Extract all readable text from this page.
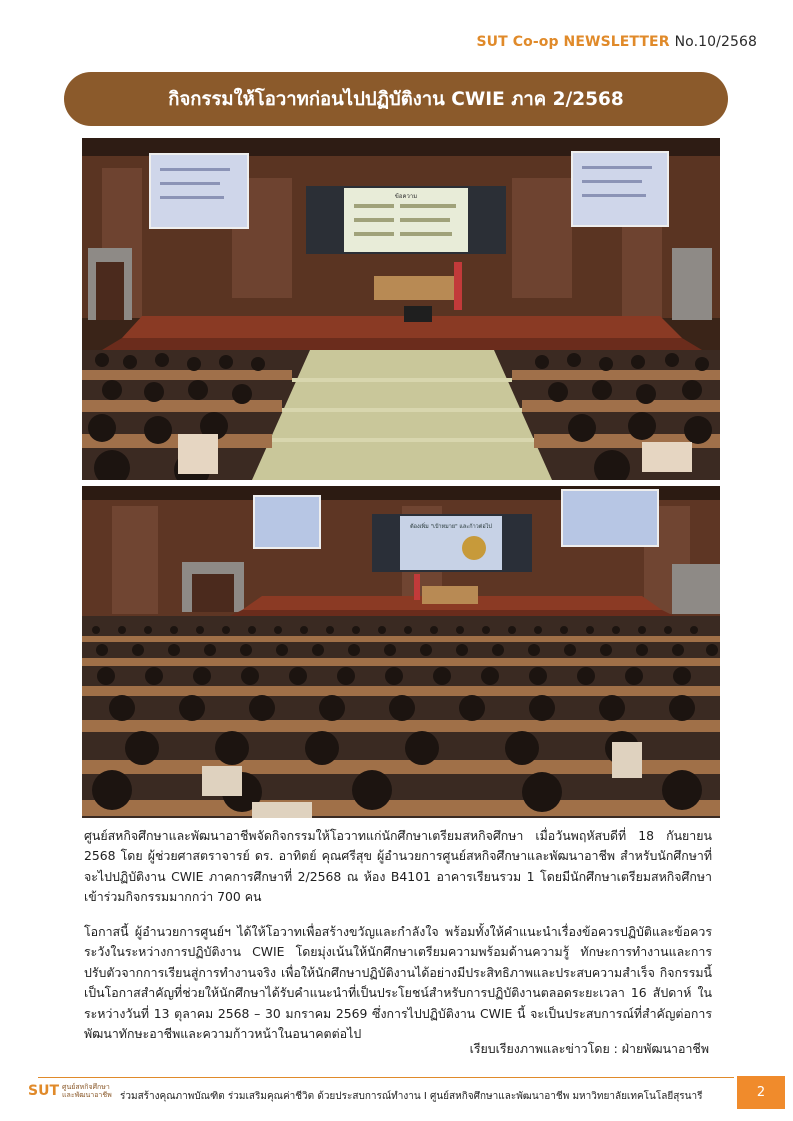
SUT Co-op NEWSLETTER No.10/2568
กิจกรรมให้โอวาทก่อนไปปฏิบัติงาน CWIE ภาค 2/2568
ข้อความ
ต้องเพิ่ม "เป้าหมาย" และก้าวต่อไป

ศูนย์สหกิจศึกษาและพัฒนาอาชีพจัดกิจกรรมให้โอวาทแก่นักศึกษาเตรียมสหกิจศึกษา เมื่อวันพฤหัสบดีที่ 18 กันยายน 2568 โดย ผู้ช่วยศาสตราจารย์ ดร. อาทิตย์ คุณศรีสุข ผู้อำนวยการศูนย์สหกิจศึกษาและพัฒนาอาชีพ สำหรับนักศึกษาที่จะไปปฏิบัติงาน CWIE ภาคการศึกษาที่ 2/2568 ณ ห้อง B4101 อาคารเรียนรวม 1 โดยมีนักศึกษาเตรียมสหกิจศึกษาเข้าร่วมกิจกรรมมากกว่า 700 คน

โอกาสนี้ ผู้อำนวยการศูนย์ฯ ได้ให้โอวาทเพื่อสร้างขวัญและกำลังใจ พร้อมทั้งให้คำแนะนำเรื่องข้อควรปฏิบัติและข้อควรระวังในระหว่างการปฏิบัติงาน CWIE โดยมุ่งเน้นให้นักศึกษาเตรียมความพร้อมด้านความรู้ ทักษะการทำงานและการปรับตัวจากการเรียนสู่การทำงานจริง เพื่อให้นักศึกษาปฏิบัติงานได้อย่างมีประสิทธิภาพและประสบความสำเร็จ กิจกรรมนี้เป็นโอกาสสำคัญที่ช่วยให้นักศึกษาได้รับคำแนะนำที่เป็นประโยชน์สำหรับการปฏิบัติงานตลอดระยะเวลา 16 สัปดาห์ ในระหว่างวันที่ 13 ตุลาคม 2568 – 30 มกราคม 2569 ซึ่งการไปปฏิบัติงาน CWIE นี้ จะเป็นประสบการณ์ที่สำคัญต่อการพัฒนาทักษะอาชีพและความก้าวหน้าในอนาคตต่อไป

เรียบเรียงภาพและข่าวโดย : ฝ่ายพัฒนาอาชีพ
SUT ศูนย์สหกิจศึกษาและพัฒนาอาชีพ ร่วมสร้างคุณภาพบัณฑิต ร่วมเสริมคุณค่าชีวิต ด้วยประสบการณ์ทำงาน I ศูนย์สหกิจศึกษาและพัฒนาอาชีพ มหาวิทยาลัยเทคโนโลยีสุรนารี	2
